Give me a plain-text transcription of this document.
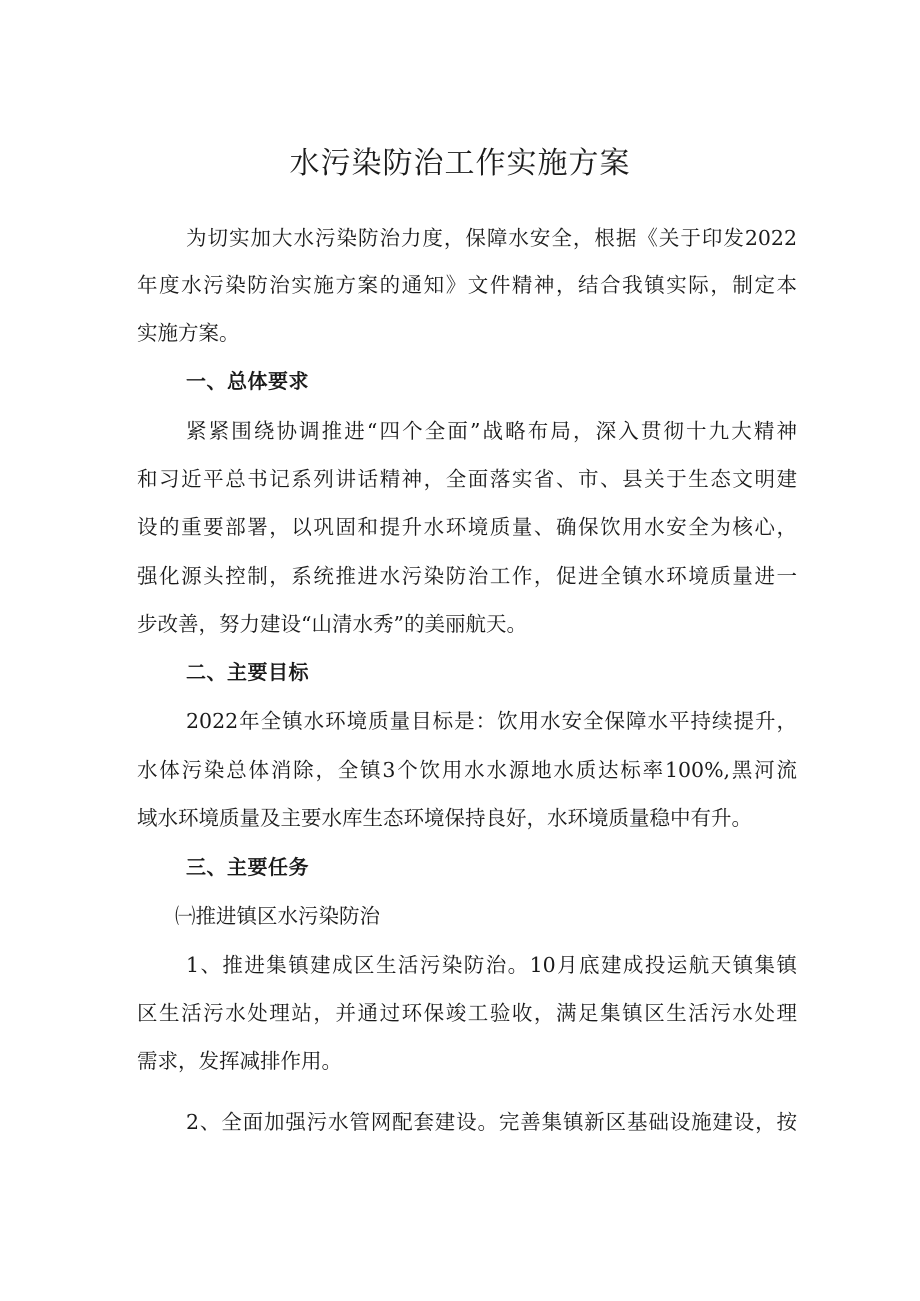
水污染防治工作实施方案
为切实加大水污染防治力度，保障水安全，根据《关于印发2022
年度水污染防治实施方案的通知》文件精神，结合我镇实际，制定本
实施方案。
一、总体要求
紧紧围绕协调推进“四个全面”战略布局，深入贯彻十九大精神
和习近平总书记系列讲话精神，全面落实省、市、县关于生态文明建
设的重要部署，以巩固和提升水环境质量、确保饮用水安全为核心，
强化源头控制，系统推进水污染防治工作，促进全镇水环境质量进一
步改善，努力建设“山清水秀”的美丽航天。
二、主要目标
2022年全镇水环境质量目标是：饮用水安全保障水平持续提升，
水体污染总体消除，全镇3个饮用水水源地水质达标率100%,黑河流
域水环境质量及主要水库生态环境保持良好，水环境质量稳中有升。
三、主要任务
㈠推进镇区水污染防治
1、推进集镇建成区生活污染防治。10月底建成投运航天镇集镇
区生活污水处理站，并通过环保竣工验收，满足集镇区生活污水处理
需求，发挥减排作用。
2、全面加强污水管网配套建设。完善集镇新区基础设施建设，按
